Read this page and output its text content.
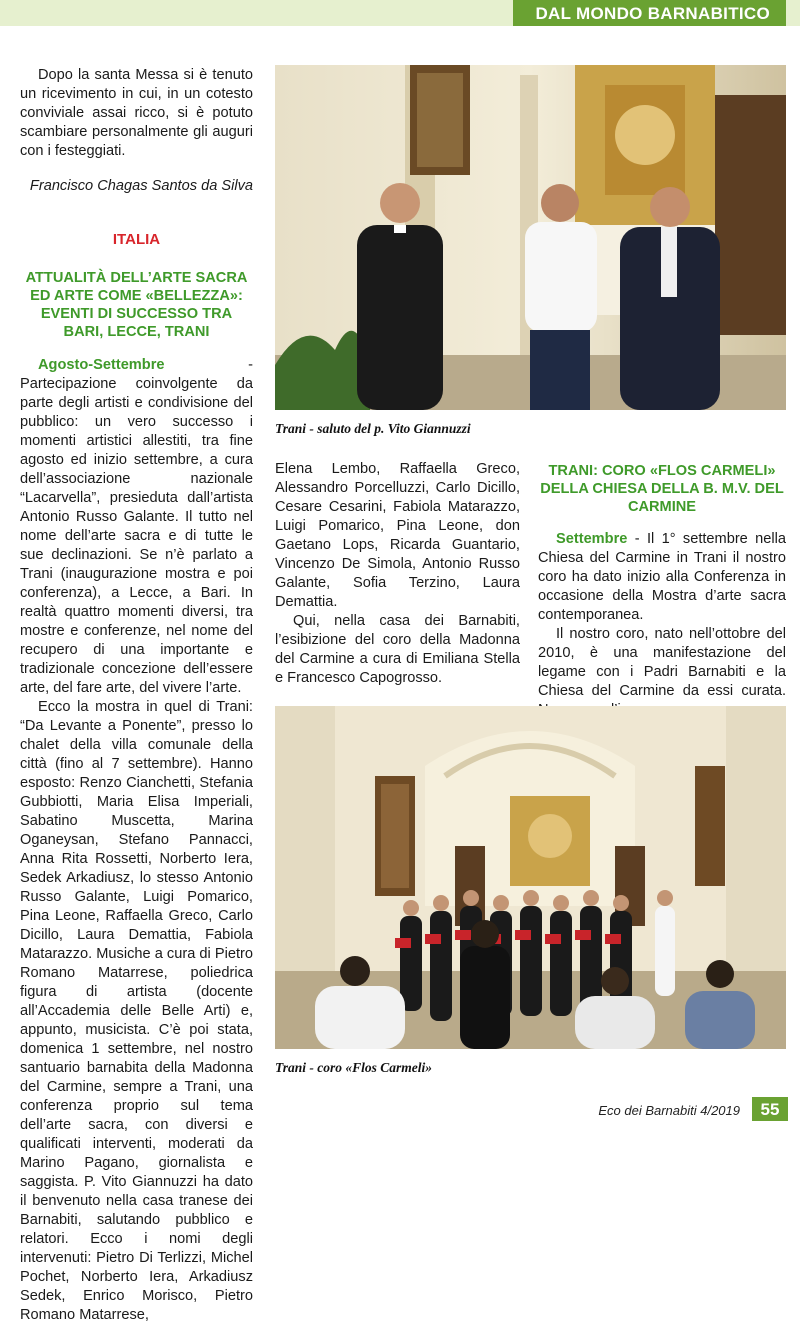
DAL MONDO BARNABITICO

Dopo la santa Messa si è tenuto un ricevimento in cui, in un cotesto conviviale assai ricco, si è potuto scambiare personalmente gli auguri con i festeggiati.

Francisco Chagas Santos da Silva

ITALIA
ATTUALITÀ DELL’ARTE SACRA ED ARTE COME «BELLEZZA»: EVENTI DI SUCCESSO TRA BARI, LECCE, TRANI

Agosto-Settembre - Partecipazione coinvolgente da parte degli artisti e condivisione del pubblico: un vero successo i momenti artistici allestiti, tra fine agosto ed inizio settembre, a cura dell’associazione nazionale “Lacarvella”, presieduta dall’artista Antonio Russo Galante. Il tutto nel nome dell’arte sacra e di tutte le sue declinazioni. Se n’è parlato a Trani (inaugurazione mostra e poi conferenza), a Lecce, a Bari. In realtà quattro momenti diversi, tra mostre e conferenze, nel nome del recupero di una importante e tradizionale concezione dell’essere arte, del fare arte, del vivere l’arte.

Ecco la mostra in quel di Trani: “Da Levante a Ponente”, presso lo chalet della villa comunale della città (fino al 7 settembre). Hanno esposto: Renzo Cianchetti, Stefania Gubbiotti, Maria Elisa Imperiali, Sabatino Muscetta, Marina Oganeysan, Stefano Pannacci, Anna Rita Rossetti, Norberto Iera, Sedek Arkadiusz, lo stesso Antonio Russo Galante, Luigi Pomarico, Pina Leone, Raffaella Greco, Carlo Dicillo, Laura Demattia, Fabiola Matarazzo. Musiche a cura di Pietro Romano Matarrese, poliedrica figura di artista (docente all’Accademia delle Belle Arti) e, appunto, musicista. C’è poi stata, domenica 1 settembre, nel nostro santuario barnabita della Madonna del Carmine, sempre a Trani, una conferenza proprio sul tema dell’arte sacra, con diversi e qualificati interventi, moderati da Marino Pagano, giornalista e saggista. P. Vito Giannuzzi ha dato il benvenuto nella casa tranese dei Barnabiti, salutando pubblico e relatori. Ecco i nomi degli intervenuti: Pietro Di Terlizzi, Michel Pochet, Norberto Iera, Arkadiusz Sedek, Enrico Morisco, Pietro Romano Matarrese,

Trani - saluto del p. Vito Giannuzzi

Elena Lembo, Raffaella Greco, Alessandro Porcelluzzi, Carlo Dicillo, Cesare Cesarini, Fabiola Matarazzo, Luigi Pomarico, Pina Leone, don Gaetano Lops, Ricarda Guantario, Vincenzo De Simola, Antonio Russo Galante, Sofia Terzino, Laura Demattia.

Qui, nella casa dei Barnabiti, l’esibizione del coro della Madonna del Carmine a cura di Emiliana Stella e Francesco Capogrosso.

TRANI: CORO «FLOS CARMELI» DELLA CHIESA DELLA B. M.V. DEL CARMINE

Settembre - Il 1° settembre nella Chiesa del Carmine in Trani il nostro coro ha dato inizio alla Conferenza in occasione della Mostra d’arte sacra contemporanea.

Il nostro coro, nato nell’ottobre del 2010, è una manifestazione del legame con i Padri Barnabiti e la Chiesa del Carmine da essi curata.

Trani - coro «Flos Carmeli»
Eco dei Barnabiti 4/2019	55
